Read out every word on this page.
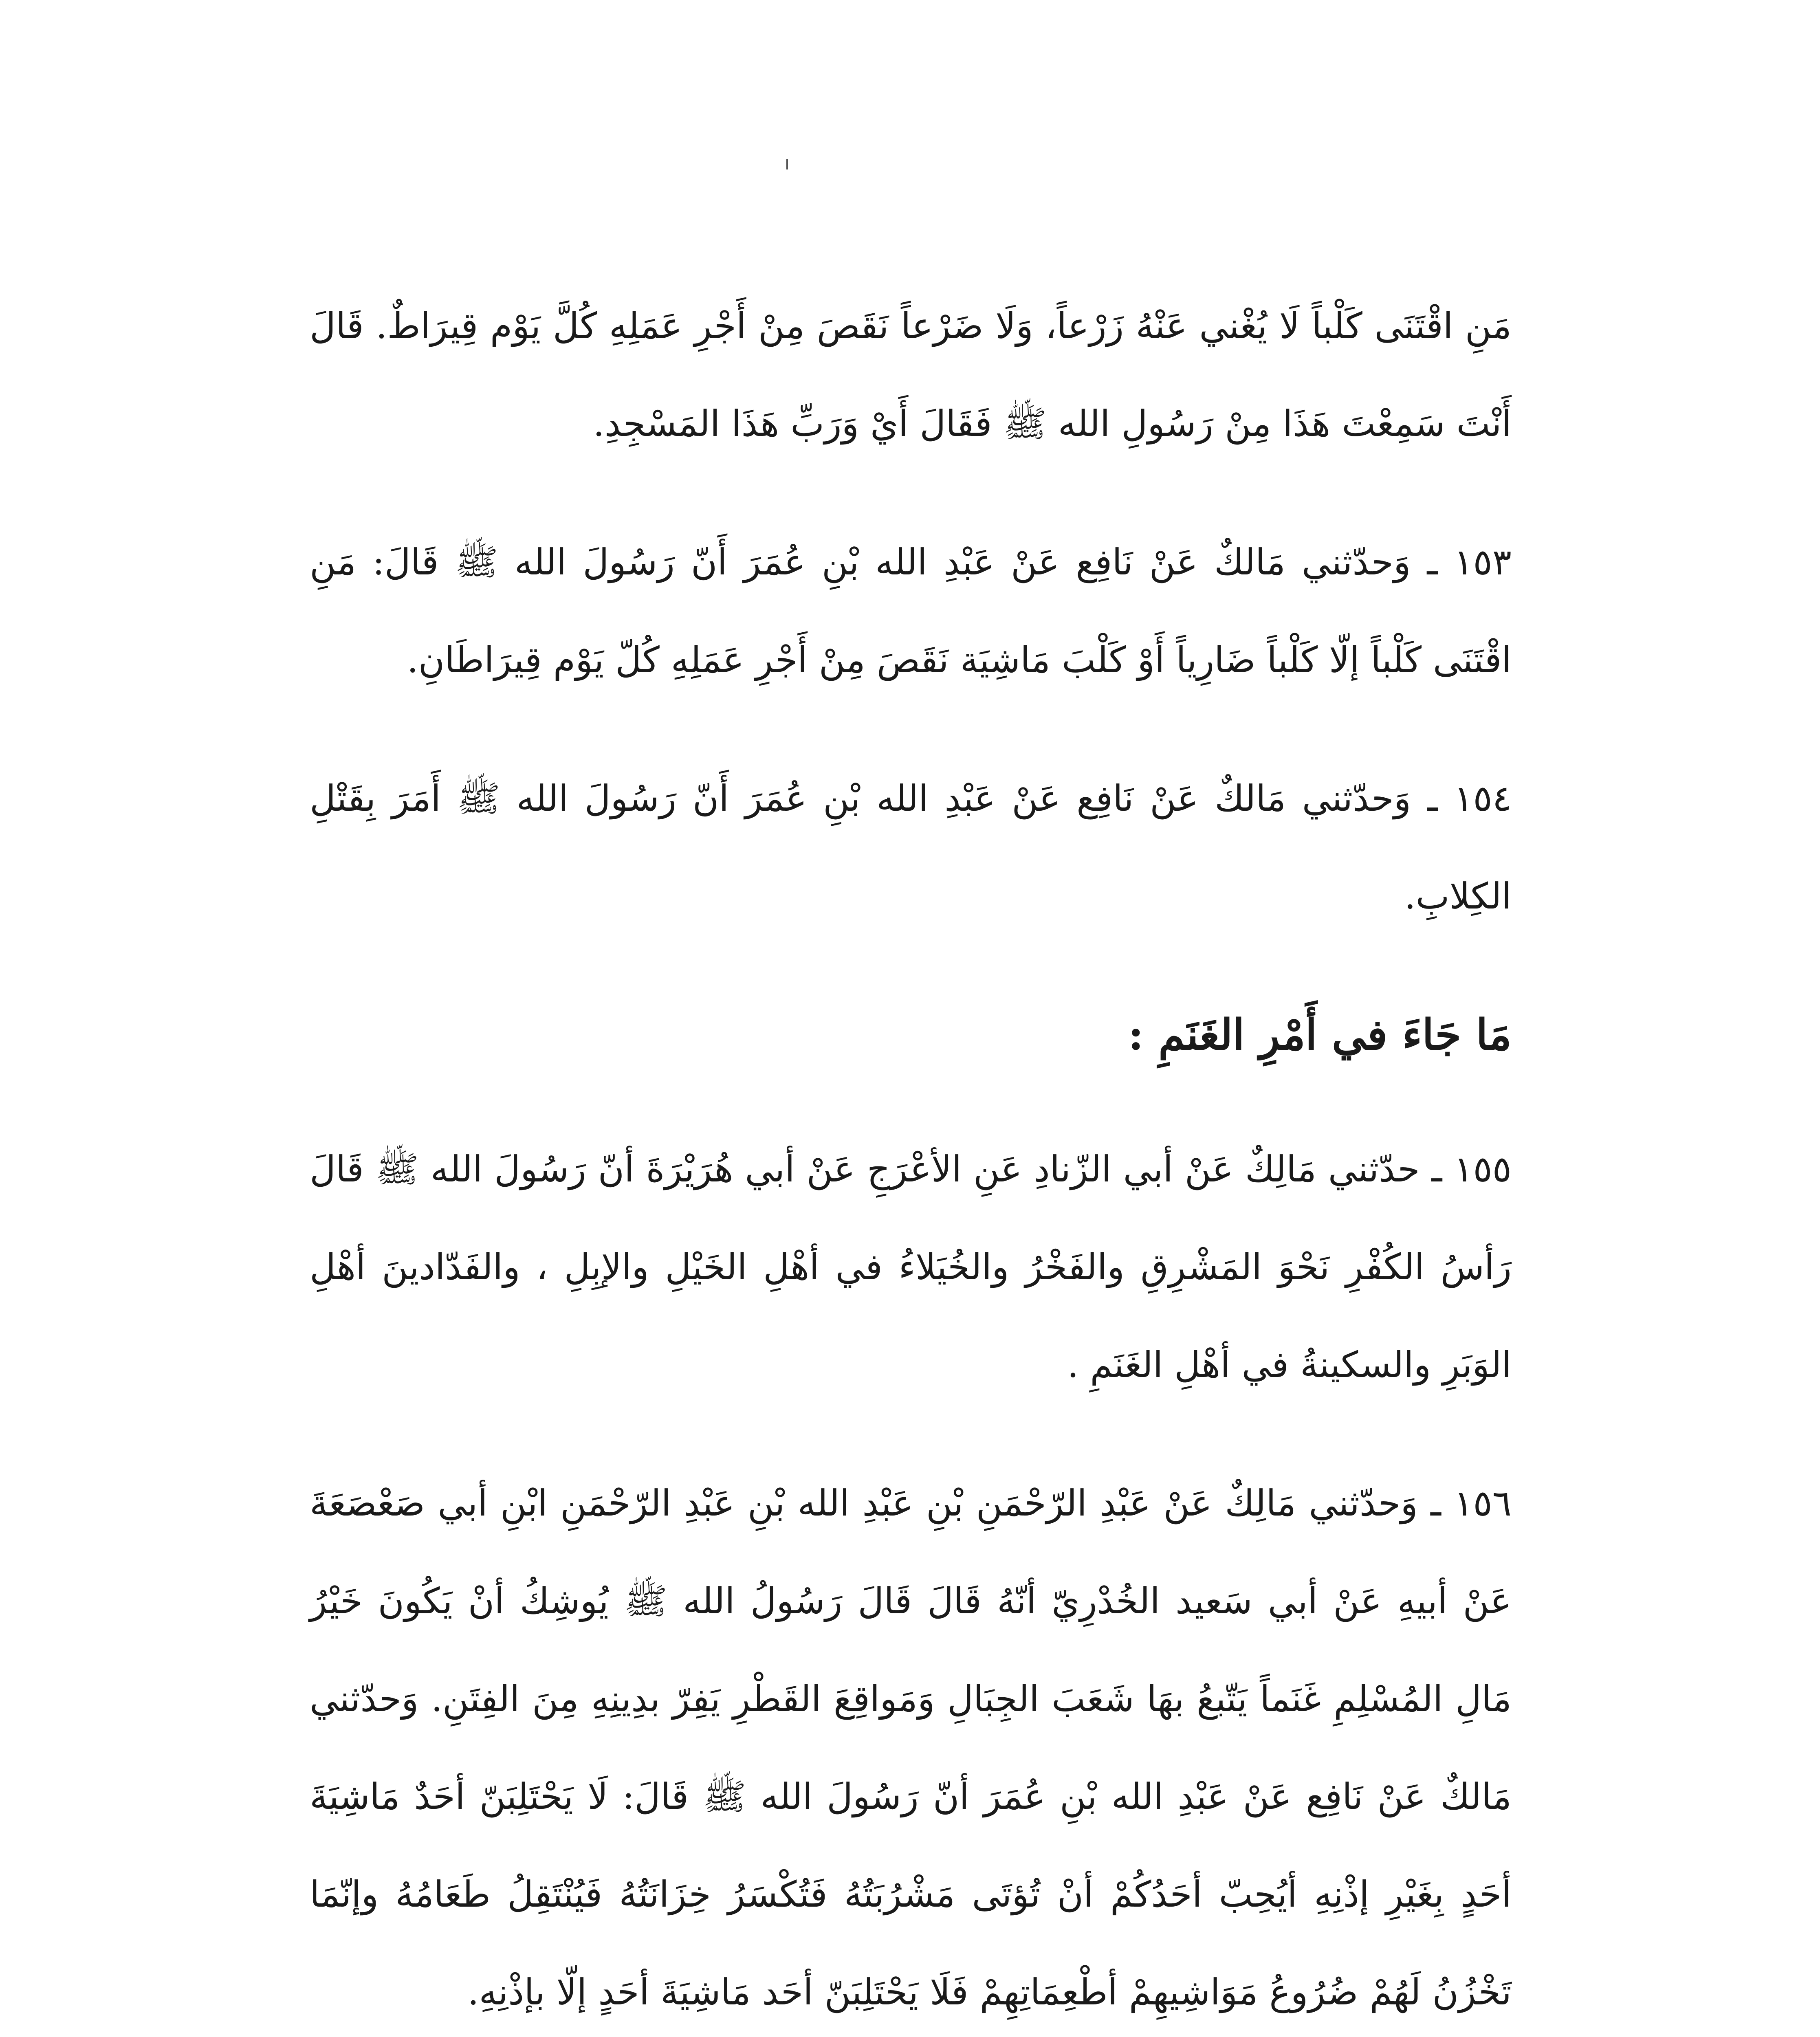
مَنِ اقْتَنَى كَلْباً لَا يُغْني عَنْهُ زَرْعاً، وَلَا ضَرْعاً نَقَصَ مِنْ أَجْرِ عَمَلِهِ كُلَّ يَوْم قِيرَاطٌ. قَالَ أَنْتَ سَمِعْتَ هَذَا مِنْ رَسُولِ الله ﷺ فَقَالَ أَيْ وَرَبِّ هَذَا المَسْجِدِ.

١٥٣ ـ وَحدّثني مَالكٌ عَنْ نَافِع عَنْ عَبْدِ الله بْنِ عُمَرَ أَنّ رَسُولَ الله ﷺ قَالَ: مَنِ اقْتَنَى كَلْباً إلّا كَلْباً ضَارِياً أَوْ كَلْبَ مَاشِيَة نَقَصَ مِنْ أَجْرِ عَمَلِهِ كُلّ يَوْم قِيرَاطَانِ.

١٥٤ ـ وَحدّثني مَالكٌ عَنْ نَافِع عَنْ عَبْدِ الله بْنِ عُمَرَ أَنّ رَسُولَ الله ﷺ أَمَرَ بِقَتْلِ الكِلابِ.

مَا جَاءَ في أَمْرِ الغَنَمِ :

١٥٥ ـ حدّثني مَالِكٌ عَنْ أبي الزّنادِ عَنِ الأعْرَجِ عَنْ أبي هُرَيْرَةَ أنّ رَسُولَ الله ﷺ قَالَ رَأسُ الكُفْرِ نَحْوَ المَشْرِقِ والفَخْرُ والخُيَلاءُ في أهْلِ الخَيْلِ والإبِلِ ، والفَدّادينَ أهْلِ الوَبَرِ والسكينةُ في أهْلِ الغَنَمِ .

١٥٦ ـ وَحدّثني مَالِكٌ عَنْ عَبْدِ الرّحْمَنِ بْنِ عَبْدِ الله بْنِ عَبْدِ الرّحْمَنِ ابْنِ أبي صَعْصَعَةَ عَنْ أبيهِ عَنْ أبي سَعيد الخُدْرِيّ أنّهُ قَالَ قَالَ رَسُولُ الله ﷺ يُوشِكُ أنْ يَكُونَ خَيْرُ مَالِ المُسْلِمِ غَنَماً يَتّبعُ بهَا شَعَبَ الجِبَالِ وَمَواقِعَ القَطْرِ يَفِرّ بدِينِهِ مِنَ الفِتَنِ. وَحدّثني مَالكٌ عَنْ نَافِع عَنْ عَبْدِ الله بْنِ عُمَرَ أنّ رَسُولَ الله ﷺ قَالَ: لَا يَحْتَلِبَنّ أحَدٌ مَاشِيَةَ أحَدٍ بِغَيْرِ إذْنِهِ أيُحِبّ أحَدُكُمْ أنْ تُؤتَى مَشْرُبَتُهُ فَتُكْسَرُ خِزَانَتُهُ فَيُنْتَقِلُ طَعَامُهُ وإنّمَا تَخْزُنُ لَهُمْ ضُرُوعُ مَوَاشِيهِمْ أطْعِمَاتِهِمْ فَلَا يَحْتَلِبَنّ أحَد مَاشِيَةَ أحَدٍ إلّا بإذْنِهِ.
